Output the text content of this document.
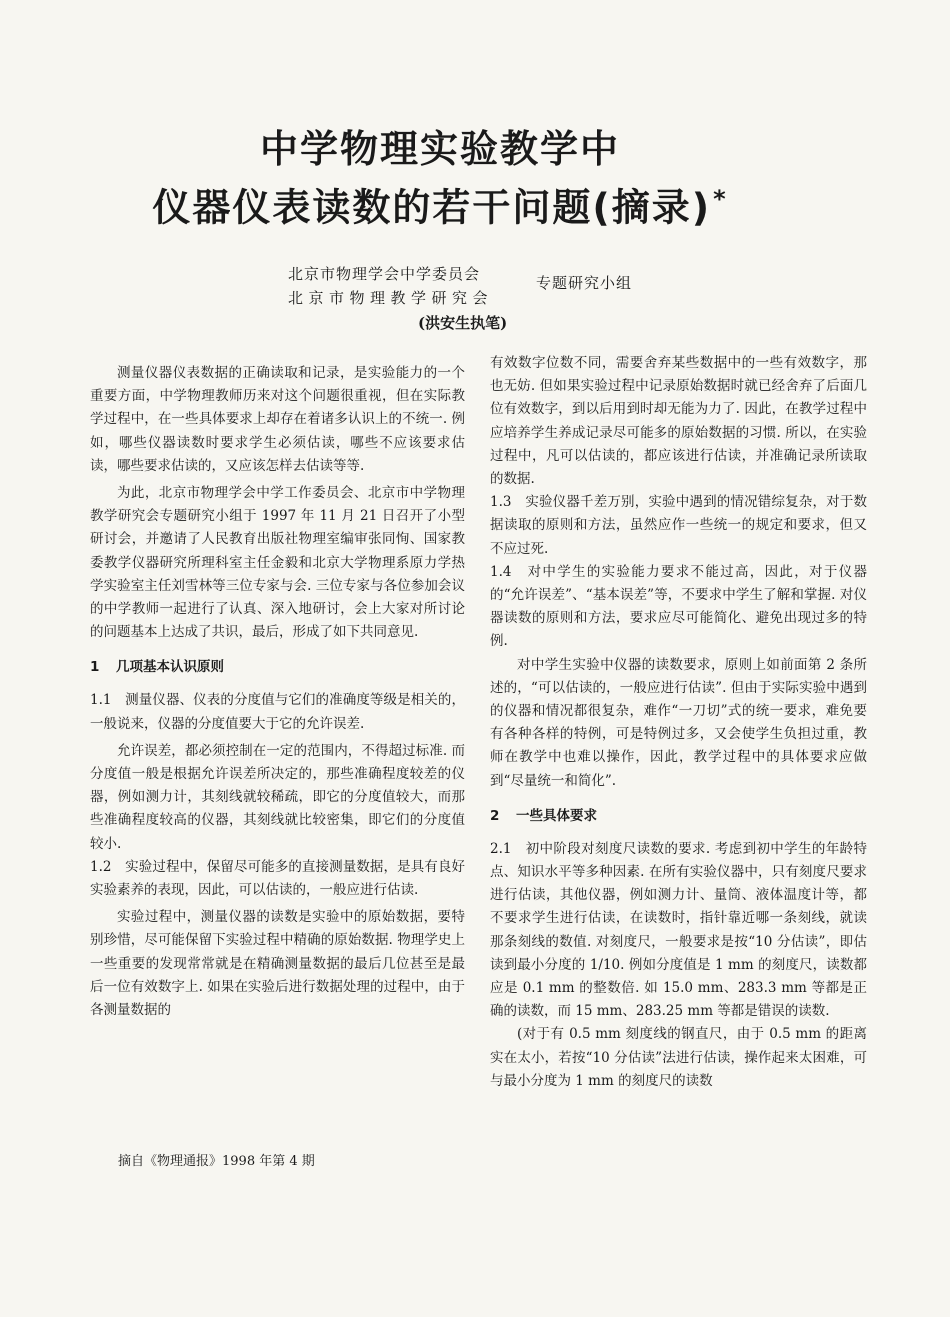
中学物理实验教学中
仪器仪表读数的若干问题(摘录)*
北京市物理学会中学委员会
北京市物理教学研究会
专题研究小组
(洪安生执笔)

测量仪器仪表数据的正确读取和记录，是实验能力的一个重要方面，中学物理教师历来对这个问题很重视，但在实际教学过程中，在一些具体要求上却存在着诸多认识上的不统一. 例如，哪些仪器读数时要求学生必须估读，哪些不应该要求估读，哪些要求估读的，又应该怎样去估读等等.

为此，北京市物理学会中学工作委员会、北京市中学物理教学研究会专题研究小组于 1997 年 11 月 21 日召开了小型研讨会，并邀请了人民教育出版社物理室编审张同恂、国家教委教学仪器研究所理科室主任金毅和北京大学物理系原力学热学实验室主任刘雪林等三位专家与会. 三位专家与各位参加会议的中学教师一起进行了认真、深入地研讨，会上大家对所讨论的问题基本上达成了共识，最后，形成了如下共同意见.

1 几项基本认识原则

1.1　测量仪器、仪表的分度值与它们的准确度等级是相关的，一般说来，仪器的分度值要大于它的允许误差.

允许误差，都必须控制在一定的范围内，不得超过标准. 而分度值一般是根据允许误差所决定的，那些准确程度较差的仪器，例如测力计，其刻线就较稀疏，即它的分度值较大，而那些准确程度较高的仪器，其刻线就比较密集，即它们的分度值较小.

1.2　实验过程中，保留尽可能多的直接测量数据，是具有良好实验素养的表现，因此，可以估读的，一般应进行估读.

实验过程中，测量仪器的读数是实验中的原始数据，要特别珍惜，尽可能保留下实验过程中精确的原始数据. 物理学史上一些重要的发现常常就是在精确测量数据的最后几位甚至是最后一位有效数字上. 如果在实验后进行数据处理的过程中，由于各测量数据的

有效数字位数不同，需要舍弃某些数据中的一些有效数字，那也无妨. 但如果实验过程中记录原始数据时就已经舍弃了后面几位有效数字，到以后用到时却无能为力了. 因此，在教学过程中应培养学生养成记录尽可能多的原始数据的习惯. 所以，在实验过程中，凡可以估读的，都应该进行估读，并准确记录所读取的数据.

1.3　实验仪器千差万别，实验中遇到的情况错综复杂，对于数据读取的原则和方法，虽然应作一些统一的规定和要求，但又不应过死.

1.4　对中学生的实验能力要求不能过高，因此，对于仪器的“允许误差”、“基本误差”等，不要求中学生了解和掌握. 对仪器读数的原则和方法，要求应尽可能简化、避免出现过多的特例.

对中学生实验中仪器的读数要求，原则上如前面第 2 条所述的，“可以估读的，一般应进行估读”. 但由于实际实验中遇到的仪器和情况都很复杂，难作“一刀切”式的统一要求，难免要有各种各样的特例，可是特例过多，又会使学生负担过重，教师在教学中也难以操作，因此，教学过程中的具体要求应做到“尽量统一和简化”.

2 一些具体要求

2.1　初中阶段对刻度尺读数的要求. 考虑到初中学生的年龄特点、知识水平等多种因素. 在所有实验仪器中，只有刻度尺要求进行估读，其他仪器，例如测力计、量筒、液体温度计等，都不要求学生进行估读，在读数时，指针靠近哪一条刻线，就读那条刻线的数值. 对刻度尺，一般要求是按“10 分估读”，即估读到最小分度的 1/10. 例如分度值是 1 mm 的刻度尺，读数都应是 0.1 mm 的整数倍. 如 15.0 mm、283.3 mm 等都是正确的读数，而 15 mm、283.25 mm 等都是错误的读数.

(对于有 0.5 mm 刻度线的钢直尺，由于 0.5 mm 的距离实在太小，若按“10 分估读”法进行估读，操作起来太困难，可与最小分度为 1 mm 的刻度尺的读数

摘自《物理通报》1998 年第 4 期
